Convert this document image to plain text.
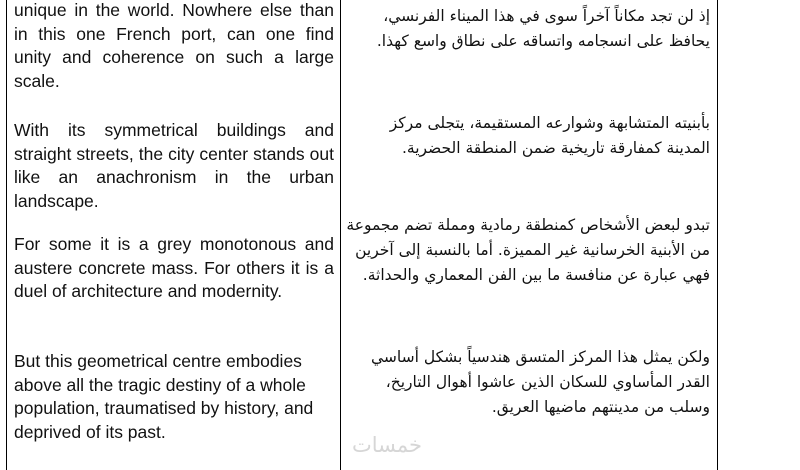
unique in the world. Nowhere else than in this one French port, can one find unity and coherence on such a large scale.

With its symmetrical buildings and straight streets, the city center stands out like an anachronism in the urban landscape.

For some it is a grey monotonous and austere concrete mass. For others it is a duel of architecture and modernity.

But this geometrical centre embodies above all the tragic destiny of a whole population, traumatised by history, and deprived of its past.

إذ لن تجد مكاناً آخراً سوى في هذا الميناء الفرنسي، يحافظ على انسجامه واتساقه على نطاق واسع كهذا.

بأبنيته المتشابهة وشوارعه المستقيمة، يتجلى مركز المدينة كمفارقة تاريخية ضمن المنطقة الحضرية.

تبدو لبعض الأشخاص كمنطقة رمادية ومملة تضم مجموعة من الأبنية الخرسانية غير المميزة. أما بالنسبة إلى آخرين فهي عبارة عن منافسة ما بين الفن المعماري والحداثة.

ولكن يمثل هذا المركز المتسق هندسياً بشكل أساسي القدر المأساوي للسكان الذين عاشوا أهوال التاريخ، وسلب من مدينتهم ماضيها العريق.

خمسات
